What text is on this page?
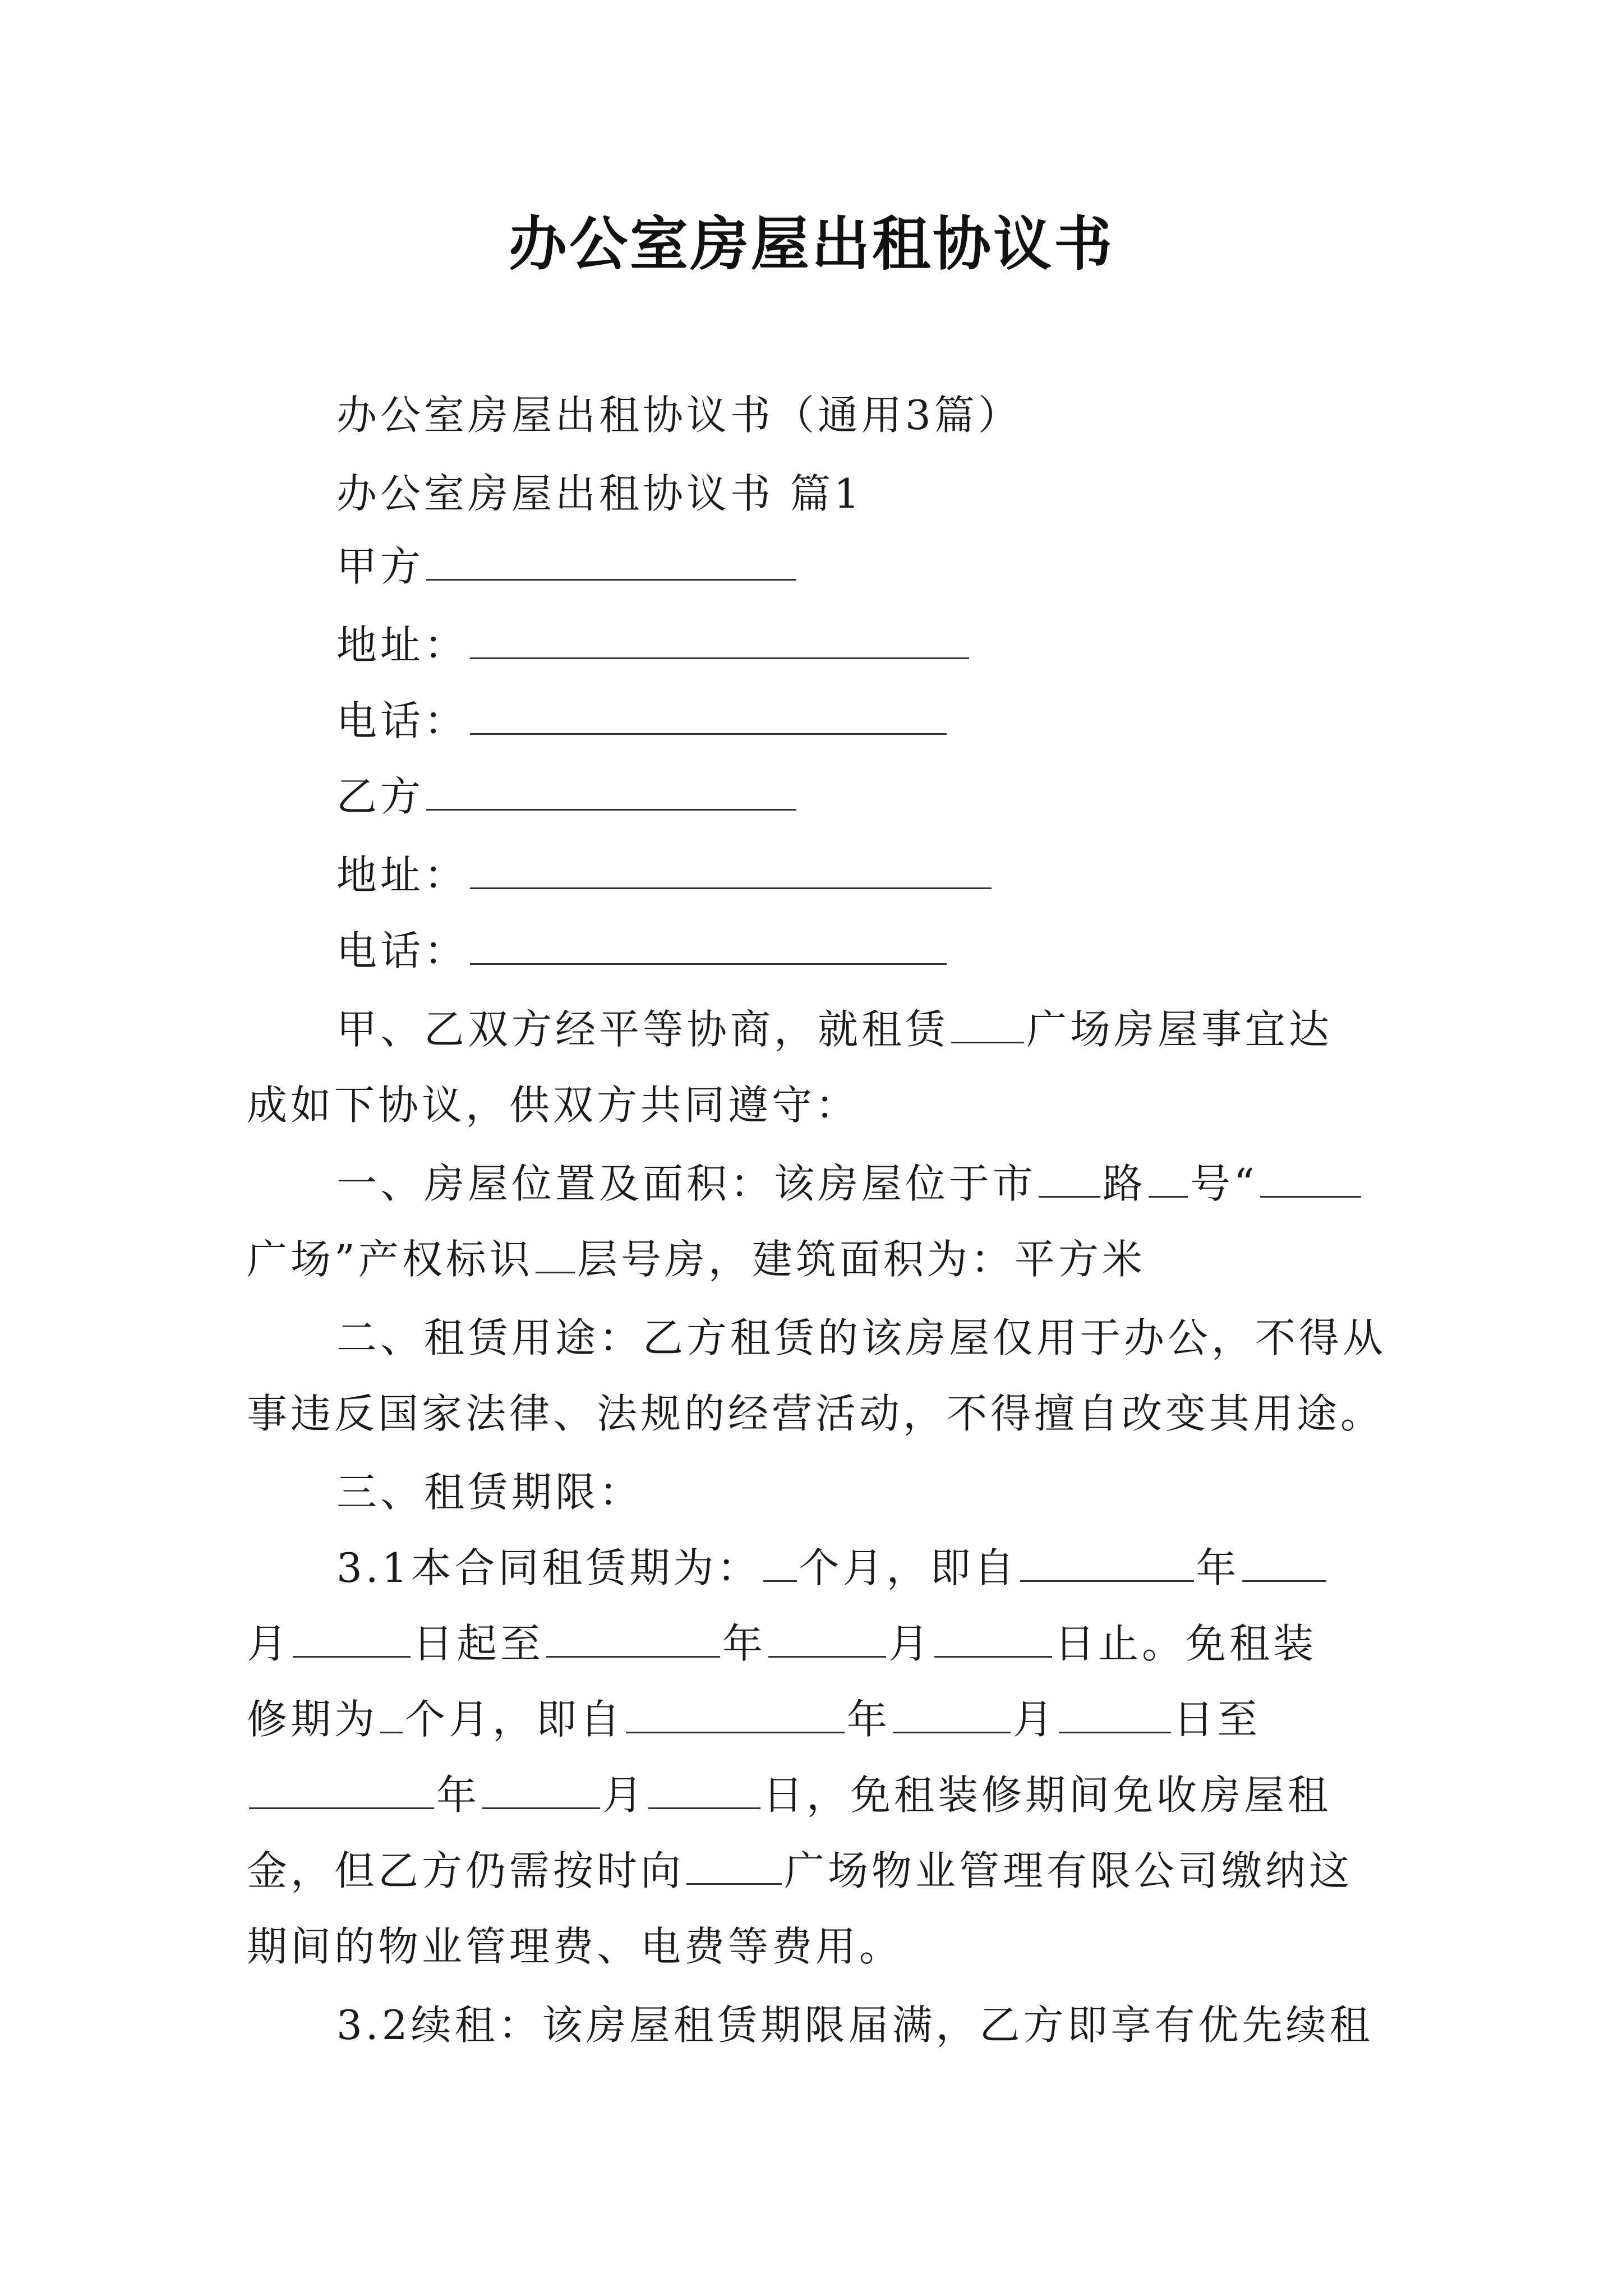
办公室房屋出租协议书
办公室房屋出租协议书（通用3篇）
办公室房屋出租协议书 篇1
甲方
地址：
电话：
乙方
地址：
电话：
甲、乙双方经平等协商，就租赁 广场房屋事宜达
成如下协议，供双方共同遵守：
一、房屋位置及面积：该房屋位于市 路 号“
广场”产权标识 层号房，建筑面积为：平方米
二、租赁用途：乙方租赁的该房屋仅用于办公，不得从
事违反国家法律、法规的经营活动，不得擅自改变其用途。
三、租赁期限：
3.1本合同租赁期为： 个月，即自	年
月	日起至	年	月	日止。免租装
修期为 个月，即自	年	月	日至
年	月	日，免租装修期间免收房屋租
金，但乙方仍需按时向 广场物业管理有限公司缴纳这
期间的物业管理费、电费等费用。
3.2续租：该房屋租赁期限届满，乙方即享有优先续租
